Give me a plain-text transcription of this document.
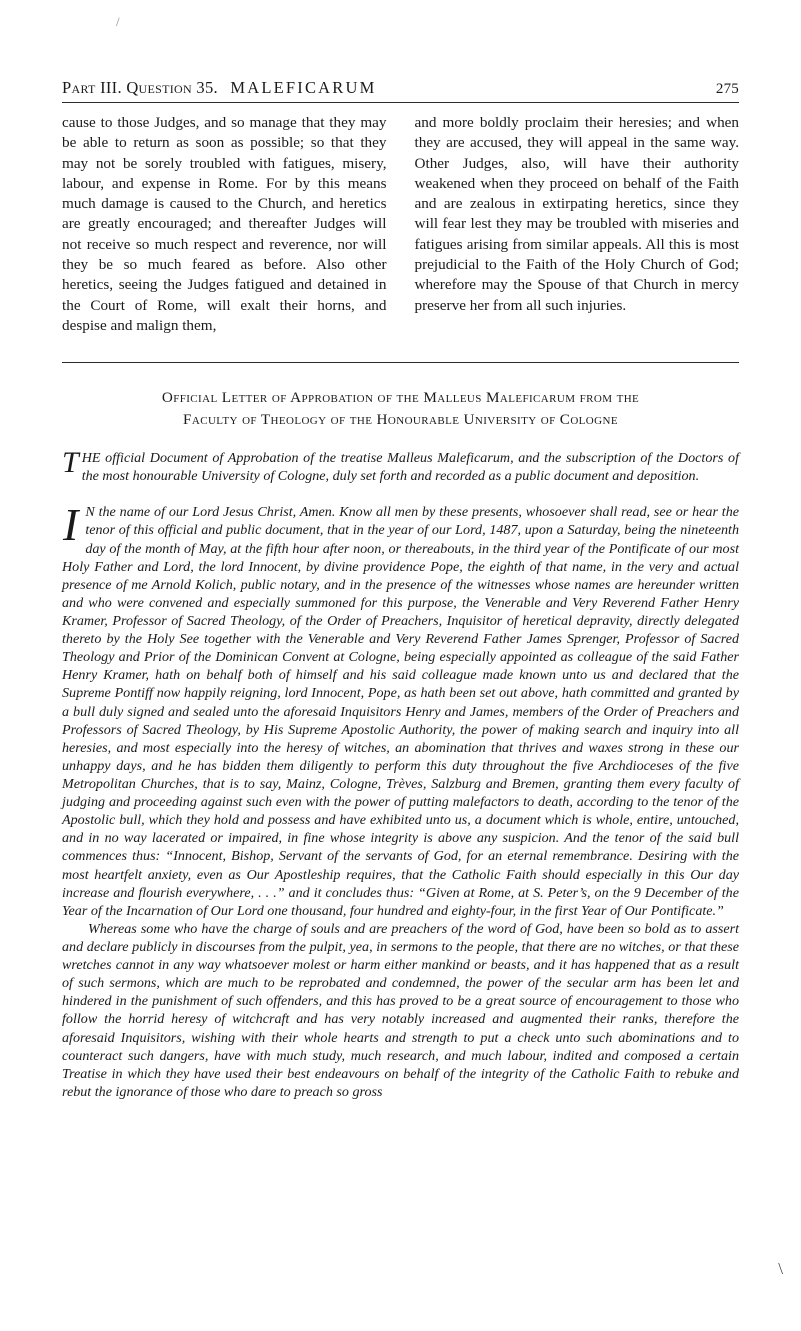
/
Part III. Question 35. MALEFICARUM	275

cause to those Judges, and so manage that they may be able to return as soon as possible; so that they may not be sorely troubled with fatigues, misery, labour, and expense in Rome. For by this means much damage is caused to the Church, and heretics are greatly encouraged; and thereafter Judges will not receive so much respect and reverence, nor will they be so much feared as before. Also other heretics, seeing the Judges fatigued and detained in the Court of Rome, will exalt their horns, and despise and malign them,

and more boldly proclaim their heresies; and when they are accused, they will appeal in the same way. Other Judges, also, will have their authority weakened when they proceed on behalf of the Faith and are zealous in extirpating heretics, since they will fear lest they may be troubled with miseries and fatigues arising from similar appeals. All this is most prejudicial to the Faith of the Holy Church of God; wherefore may the Spouse of that Church in mercy preserve her from all such injuries.

Official Letter of Approbation of the Malleus Maleficarum from the
Faculty of Theology of the Honourable University of Cologne
T HE official Document of Approbation of the treatise Malleus Maleficarum, and the subscription of the Doctors of the most honourable University of Cologne, duly set forth and recorded as a public document and deposition.
I N the name of our Lord Jesus Christ, Amen. Know all men by these presents, whosoever shall read, see or hear the tenor of this official and public document, that in the year of our Lord, 1487, upon a Saturday, being the nineteenth day of the month of May, at the fifth hour after noon, or thereabouts, in the third year of the Pontificate of our most Holy Father and Lord, the lord Innocent, by divine providence Pope, the eighth of that name, in the very and actual presence of me Arnold Kolich, public notary, and in the presence of the witnesses whose names are hereunder written and who were convened and especially summoned for this purpose, the Venerable and Very Reverend Father Henry Kramer, Professor of Sacred Theology, of the Order of Preachers, Inquisitor of heretical depravity, directly delegated thereto by the Holy See together with the Venerable and Very Reverend Father James Sprenger, Professor of Sacred Theology and Prior of the Dominican Convent at Cologne, being especially appointed as colleague of the said Father Henry Kramer, hath on behalf both of himself and his said colleague made known unto us and declared that the Supreme Pontiff now happily reigning, lord Innocent, Pope, as hath been set out above, hath committed and granted by a bull duly signed and sealed unto the aforesaid Inquisitors Henry and James, members of the Order of Preachers and Professors of Sacred Theology, by His Supreme Apostolic Authority, the power of making search and inquiry into all heresies, and most especially into the heresy of witches, an abomination that thrives and waxes strong in these our unhappy days, and he has bidden them diligently to perform this duty throughout the five Archdioceses of the five Metropolitan Churches, that is to say, Mainz, Cologne, Trèves, Salzburg and Bremen, granting them every faculty of judging and proceeding against such even with the power of putting malefactors to death, according to the tenor of the Apostolic bull, which they hold and possess and have exhibited unto us, a document which is whole, entire, untouched, and in no way lacerated or impaired, in fine whose integrity is above any suspicion. And the tenor of the said bull commences thus: “Innocent, Bishop, Servant of the servants of God, for an eternal remembrance. Desiring with the most heartfelt anxiety, even as Our Apostleship requires, that the Catholic Faith should especially in this Our day increase and flourish everywhere, . . .” and it concludes thus: “Given at Rome, at S. Peter’s, on the 9 December of the Year of the Incarnation of Our Lord one thousand, four hundred and eighty-four, in the first Year of Our Pontificate.”
Whereas some who have the charge of souls and are preachers of the word of God, have been so bold as to assert and declare publicly in discourses from the pulpit, yea, in sermons to the people, that there are no witches, or that these wretches cannot in any way whatsoever molest or harm either mankind or beasts, and it has happened that as a result of such sermons, which are much to be reprobated and condemned, the power of the secular arm has been let and hindered in the punishment of such offenders, and this has proved to be a great source of encouragement to those who follow the horrid heresy of witchcraft and has very notably increased and augmented their ranks, therefore the aforesaid Inquisitors, wishing with their whole hearts and strength to put a check unto such abominations and to counteract such dangers, have with much study, much research, and much labour, indited and composed a certain Treatise in which they have used their best endeavours on behalf of the integrity of the Catholic Faith to rebuke and rebut the ignorance of those who dare to preach so gross
\
